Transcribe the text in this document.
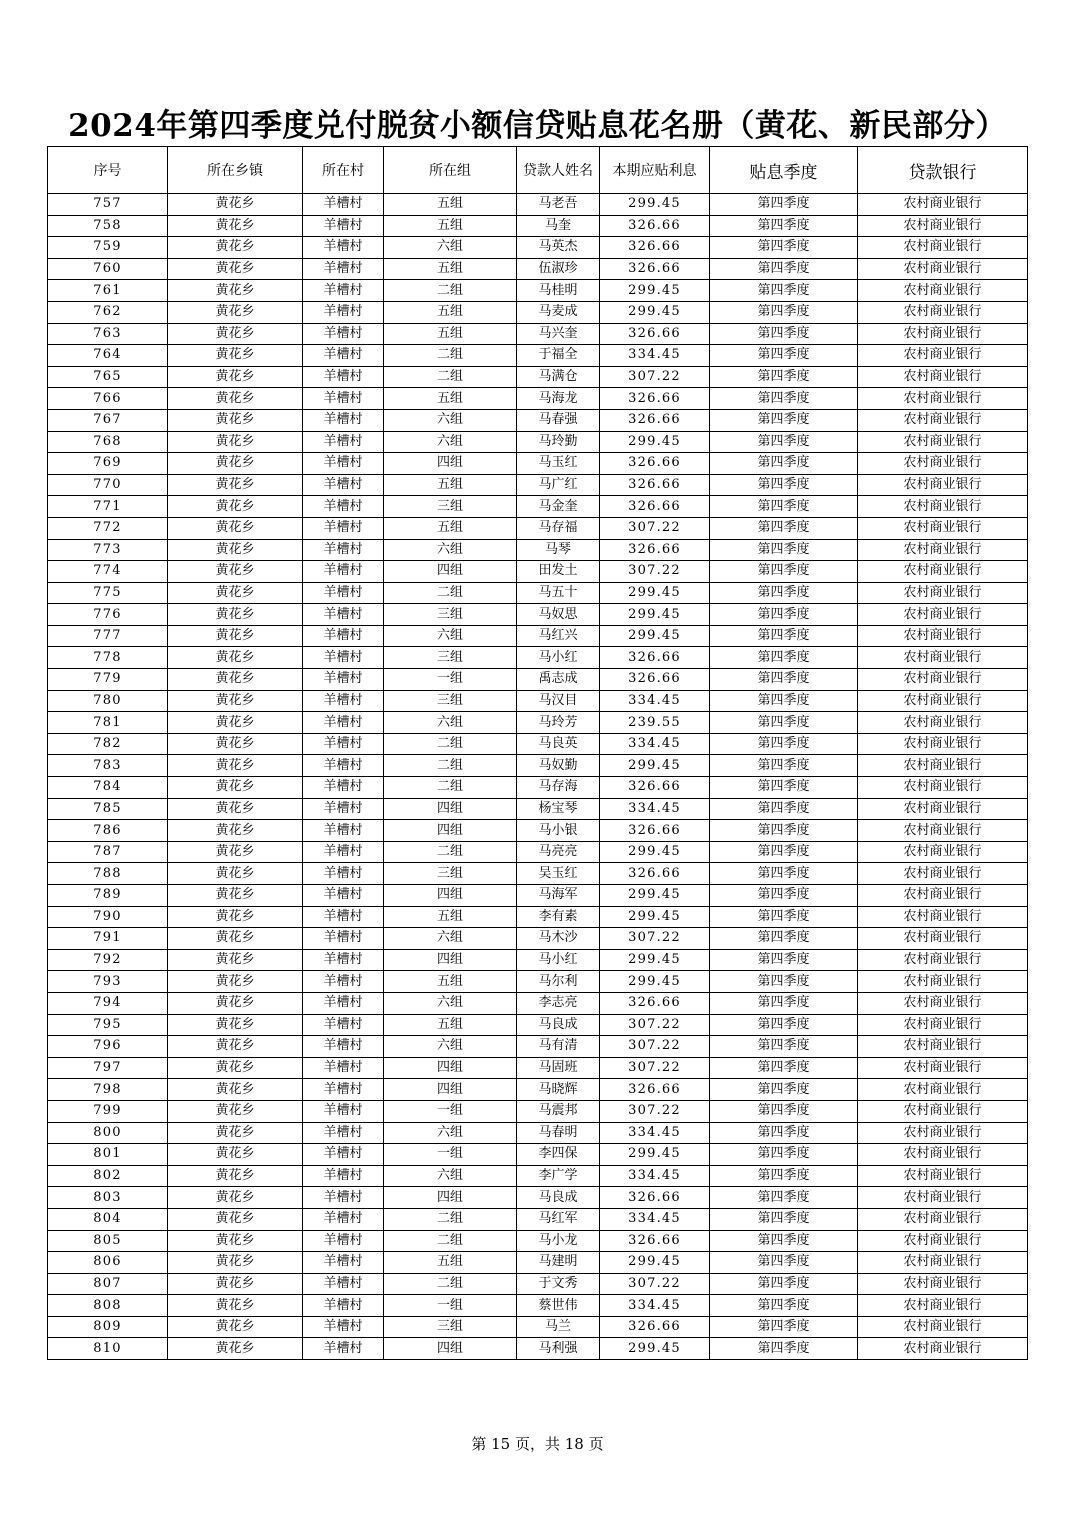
2024年第四季度兑付脱贫小额信贷贴息花名册（黄花、新民部分）
序号	所在乡镇	所在村	所在组	贷款人姓名	本期应贴利息	贴息季度	贷款银行
757	黄花乡	羊槽村	五组	马老吾	299.45	第四季度	农村商业银行
758	黄花乡	羊槽村	五组	马奎	326.66	第四季度	农村商业银行
759	黄花乡	羊槽村	六组	马英杰	326.66	第四季度	农村商业银行
760	黄花乡	羊槽村	五组	伍淑珍	326.66	第四季度	农村商业银行
761	黄花乡	羊槽村	二组	马桂明	299.45	第四季度	农村商业银行
762	黄花乡	羊槽村	五组	马麦成	299.45	第四季度	农村商业银行
763	黄花乡	羊槽村	五组	马兴奎	326.66	第四季度	农村商业银行
764	黄花乡	羊槽村	二组	于福全	334.45	第四季度	农村商业银行
765	黄花乡	羊槽村	二组	马满仓	307.22	第四季度	农村商业银行
766	黄花乡	羊槽村	五组	马海龙	326.66	第四季度	农村商业银行
767	黄花乡	羊槽村	六组	马春强	326.66	第四季度	农村商业银行
768	黄花乡	羊槽村	六组	马玲勤	299.45	第四季度	农村商业银行
769	黄花乡	羊槽村	四组	马玉红	326.66	第四季度	农村商业银行
770	黄花乡	羊槽村	五组	马广红	326.66	第四季度	农村商业银行
771	黄花乡	羊槽村	三组	马金奎	326.66	第四季度	农村商业银行
772	黄花乡	羊槽村	五组	马存福	307.22	第四季度	农村商业银行
773	黄花乡	羊槽村	六组	马琴	326.66	第四季度	农村商业银行
774	黄花乡	羊槽村	四组	田发土	307.22	第四季度	农村商业银行
775	黄花乡	羊槽村	二组	马五十	299.45	第四季度	农村商业银行
776	黄花乡	羊槽村	三组	马奴思	299.45	第四季度	农村商业银行
777	黄花乡	羊槽村	六组	马红兴	299.45	第四季度	农村商业银行
778	黄花乡	羊槽村	三组	马小红	326.66	第四季度	农村商业银行
779	黄花乡	羊槽村	一组	禹志成	326.66	第四季度	农村商业银行
780	黄花乡	羊槽村	三组	马汉目	334.45	第四季度	农村商业银行
781	黄花乡	羊槽村	六组	马玲芳	239.55	第四季度	农村商业银行
782	黄花乡	羊槽村	二组	马良英	334.45	第四季度	农村商业银行
783	黄花乡	羊槽村	二组	马奴勤	299.45	第四季度	农村商业银行
784	黄花乡	羊槽村	二组	马存海	326.66	第四季度	农村商业银行
785	黄花乡	羊槽村	四组	杨宝琴	334.45	第四季度	农村商业银行
786	黄花乡	羊槽村	四组	马小银	326.66	第四季度	农村商业银行
787	黄花乡	羊槽村	二组	马亮亮	299.45	第四季度	农村商业银行
788	黄花乡	羊槽村	三组	吴玉红	326.66	第四季度	农村商业银行
789	黄花乡	羊槽村	四组	马海军	299.45	第四季度	农村商业银行
790	黄花乡	羊槽村	五组	李有素	299.45	第四季度	农村商业银行
791	黄花乡	羊槽村	六组	马木沙	307.22	第四季度	农村商业银行
792	黄花乡	羊槽村	四组	马小红	299.45	第四季度	农村商业银行
793	黄花乡	羊槽村	五组	马尔利	299.45	第四季度	农村商业银行
794	黄花乡	羊槽村	六组	李志亮	326.66	第四季度	农村商业银行
795	黄花乡	羊槽村	五组	马良成	307.22	第四季度	农村商业银行
796	黄花乡	羊槽村	六组	马有清	307.22	第四季度	农村商业银行
797	黄花乡	羊槽村	四组	马固班	307.22	第四季度	农村商业银行
798	黄花乡	羊槽村	四组	马晓辉	326.66	第四季度	农村商业银行
799	黄花乡	羊槽村	一组	马震邦	307.22	第四季度	农村商业银行
800	黄花乡	羊槽村	六组	马春明	334.45	第四季度	农村商业银行
801	黄花乡	羊槽村	一组	李四保	299.45	第四季度	农村商业银行
802	黄花乡	羊槽村	六组	李广学	334.45	第四季度	农村商业银行
803	黄花乡	羊槽村	四组	马良成	326.66	第四季度	农村商业银行
804	黄花乡	羊槽村	二组	马红军	334.45	第四季度	农村商业银行
805	黄花乡	羊槽村	二组	马小龙	326.66	第四季度	农村商业银行
806	黄花乡	羊槽村	五组	马建明	299.45	第四季度	农村商业银行
807	黄花乡	羊槽村	二组	于文秀	307.22	第四季度	农村商业银行
808	黄花乡	羊槽村	一组	蔡世伟	334.45	第四季度	农村商业银行
809	黄花乡	羊槽村	三组	马兰	326.66	第四季度	农村商业银行
810	黄花乡	羊槽村	四组	马利强	299.45	第四季度	农村商业银行
第 15 页，共 18 页
